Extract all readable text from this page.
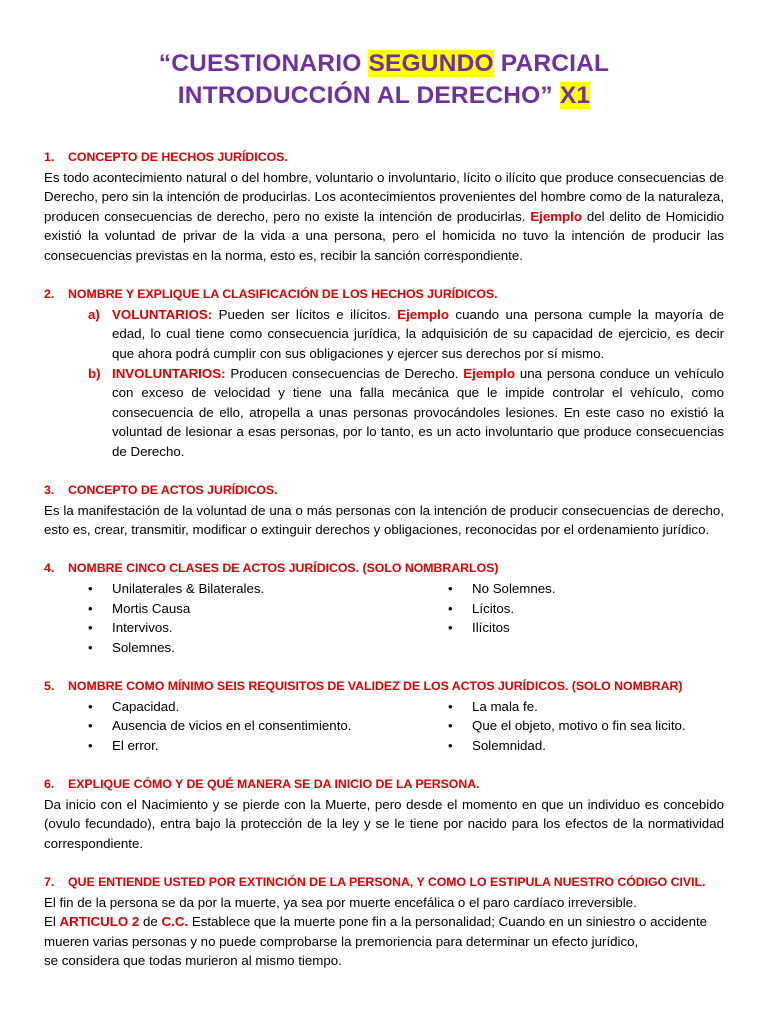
“CUESTIONARIO SEGUNDO PARCIAL
INTRODUCCIÓN AL DERECHO” X1
1. CONCEPTO DE HECHOS JURÍDICOS.

Es todo acontecimiento natural o del hombre, voluntario o involuntario, lícito o ilícito que produce consecuencias de Derecho, pero sin la intención de producirlas. Los acontecimientos provenientes del hombre como de la naturaleza, producen consecuencias de derecho, pero no existe la intención de producirlas. Ejemplo del delito de Homicidio existió la voluntad de privar de la vida a una persona, pero el homicida no tuvo la intención de producir las consecuencias previstas en la norma, esto es, recibir la sanción correspondiente.

2. NOMBRE Y EXPLIQUE LA CLASIFICACIÓN DE LOS HECHOS JURÍDICOS.
a) VOLUNTARIOS: Pueden ser lícitos e ilícitos. Ejemplo cuando una persona cumple la mayoría de edad, lo cual tiene como consecuencia jurídica, la adquisición de su capacidad de ejercicio, es decir que ahora podrá cumplir con sus obligaciones y ejercer sus derechos por sí mismo.

b) INVOLUNTARIOS: Producen consecuencias de Derecho. Ejemplo una persona conduce un vehículo con exceso de velocidad y tiene una falla mecánica que le impide controlar el vehículo, como consecuencia de ello, atropella a unas personas provocándoles lesiones. En este caso no existió la voluntad de lesionar a esas personas, por lo tanto, es un acto involuntario que produce consecuencias de Derecho.

3. CONCEPTO DE ACTOS JURÍDICOS.

Es la manifestación de la voluntad de una o más personas con la intención de producir consecuencias de derecho, esto es, crear, transmitir, modificar o extinguir derechos y obligaciones, reconocidas por el ordenamiento jurídico.

4. NOMBRE CINCO CLASES DE ACTOS JURÍDICOS. (SOLO NOMBRARLOS)
• Unilaterales & Bilaterales.
• Mortis Causa
• Intervivos.
• Solemnes.
• No Solemnes.
• Lícitos.
• Ilícitos
5. NOMBRE COMO MÍNIMO SEIS REQUISITOS DE VALIDEZ DE LOS ACTOS JURÍDICOS. (SOLO NOMBRAR)
• Capacidad.
• Ausencia de vicios en el consentimiento.
• El error.
• La mala fe.
• Que el objeto, motivo o fin sea licito.
• Solemnidad.
6. EXPLIQUE CÓMO Y DE QUÉ MANERA SE DA INICIO DE LA PERSONA.

Da inicio con el Nacimiento y se pierde con la Muerte, pero desde el momento en que un individuo es concebido (ovulo fecundado), entra bajo la protección de la ley y se le tiene por nacido para los efectos de la normatividad correspondiente.

7. QUE ENTIENDE USTED POR EXTINCIÓN DE LA PERSONA, Y COMO LO ESTIPULA NUESTRO CÓDIGO CIVIL.
El fin de la persona se da por la muerte, ya sea por muerte encefálica o el paro cardíaco irreversible.
El ARTICULO 2 de C.C. Establece que la muerte pone fin a la personalidad; Cuando en un siniestro o accidente mueren varias personas y no puede comprobarse la premoriencia para determinar un efecto jurídico,
se considera que todas murieron al mismo tiempo.
